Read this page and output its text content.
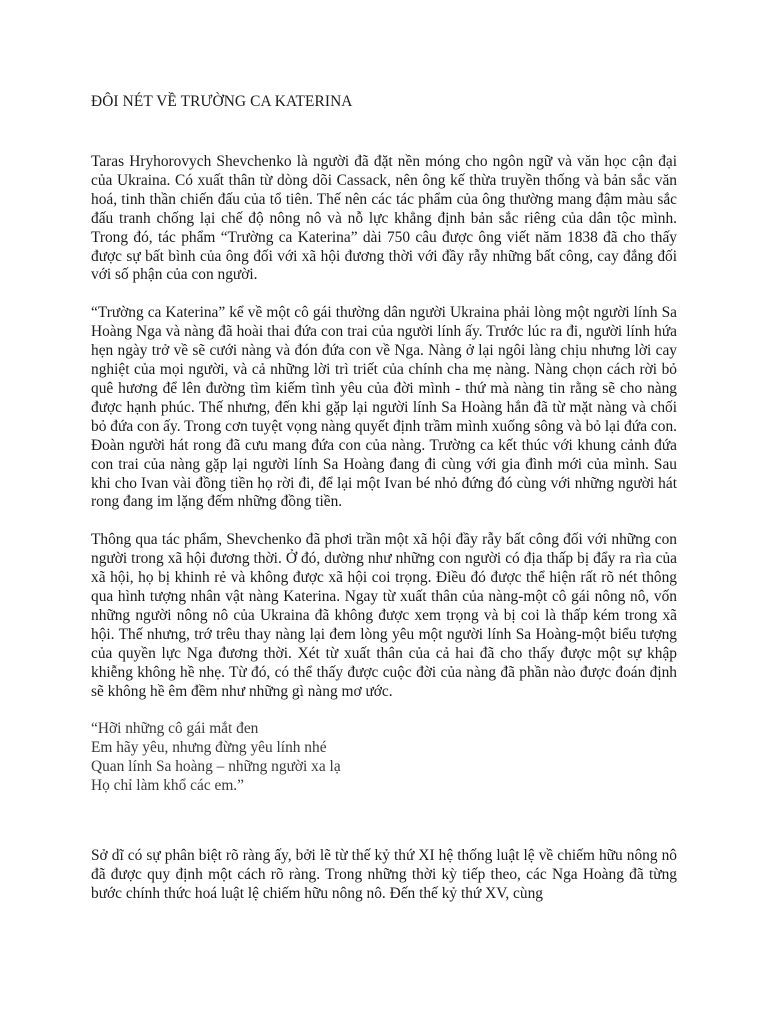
ĐÔI NÉT VỀ TRƯỜNG CA KATERINA

Taras Hryhorovych Shevchenko là người đã đặt nền móng cho ngôn ngữ và văn học cận đại của Ukraina. Có xuất thân từ dòng dõi Cassack, nên ông kế thừa truyền thống và bản sắc văn hoá, tinh thần chiến đấu của tổ tiên. Thế nên các tác phẩm của ông thường mang đậm màu sắc đấu tranh chống lại chế độ nông nô và nỗ lực khẳng định bản sắc riêng của dân tộc mình. Trong đó, tác phẩm “Trường ca Katerina” dài 750 câu được ông viết năm 1838 đã cho thấy được sự bất bình của ông đối với xã hội đương thời với đầy rẫy những bất công, cay đắng đối với số phận của con người.

“Trường ca Katerina” kể về một cô gái thường dân người Ukraina phải lòng một người lính Sa Hoàng Nga và nàng đã hoài thai đứa con trai của người lính ấy. Trước lúc ra đi, người lính hứa hẹn ngày trở về sẽ cưới nàng và đón đứa con về Nga. Nàng ở lại ngôi làng chịu nhưng lời cay nghiệt của mọi người, và cả những lời trì triết của chính cha mẹ nàng. Nàng chọn cách rời bỏ quê hương để lên đường tìm kiếm tình yêu của đời mình - thứ mà nàng tin rằng sẽ cho nàng được hạnh phúc. Thế nhưng, đến khi gặp lại người lính Sa Hoàng hắn đã từ mặt nàng và chối bỏ đứa con ấy. Trong cơn tuyệt vọng nàng quyết định trầm mình xuống sông và bỏ lại đứa con. Đoàn người hát rong đã cưu mang đứa con của nàng. Trường ca kết thúc với khung cảnh đứa con trai của nàng gặp lại người lính Sa Hoàng đang đi cùng với gia đình mới của mình. Sau khi cho Ivan vài đồng tiền họ rời đi, để lại một Ivan bé nhỏ đứng đó cùng với những người hát rong đang im lặng đếm những đồng tiền.

Thông qua tác phẩm, Shevchenko đã phơi trần một xã hội đầy rẫy bất công đối với những con người trong xã hội đương thời. Ở đó, dường như những con người có địa thấp bị đẩy ra rìa của xã hội, họ bị khinh rẻ và không được xã hội coi trọng. Điều đó được thể hiện rất rõ nét thông qua hình tượng nhân vật nàng Katerina. Ngay từ xuất thân của nàng-một cô gái nông nô, vốn những người nông nô của Ukraina đã không được xem trọng và bị coi là thấp kém trong xã hội. Thế nhưng, trớ trêu thay nàng lại đem lòng yêu một người lính Sa Hoàng-một biểu tượng của quyền lực Nga đương thời. Xét từ xuất thân của cả hai đã cho thấy được một sự khập khiễng không hề nhẹ. Từ đó, có thể thấy được cuộc đời của nàng đã phần nào được đoán định sẽ không hề êm đềm như những gì nàng mơ ước.

“Hỡi những cô gái mắt đen
Em hãy yêu, nhưng đừng yêu lính nhé
Quan lính Sa hoàng – những người xa lạ
Họ chỉ làm khổ các em.”

Sở dĩ có sự phân biệt rõ ràng ấy, bởi lẽ từ thế kỷ thứ XI hệ thống luật lệ về chiếm hữu nông nô đã được quy định một cách rõ ràng. Trong những thời kỳ tiếp theo, các Nga Hoàng đã từng bước chính thức hoá luật lệ chiếm hữu nông nô. Đến thế kỷ thứ XV, cùng
